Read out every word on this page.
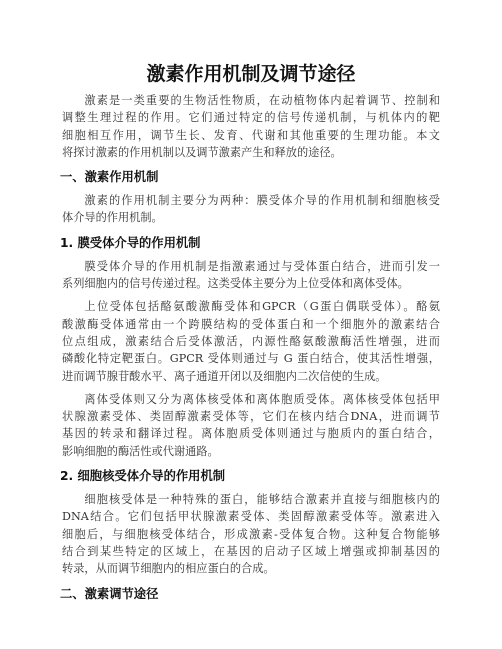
激素作用机制及调节途径
激素是一类重要的生物活性物质，在动植物体内起着调节、控制和
调整生理过程的作用。它们通过特定的信号传递机制，与机体内的靶
细胞相互作用，调节生长、发育、代谢和其他重要的生理功能。本文
将探讨激素的作用机制以及调节激素产生和释放的途径。
一、激素作用机制
激素的作用机制主要分为两种：膜受体介导的作用机制和细胞核受
体介导的作用机制。
1. 膜受体介导的作用机制
膜受体介导的作用机制是指激素通过与受体蛋白结合，进而引发一
系列细胞内的信号传递过程。这类受体主要分为上位受体和离体受体。
上位受体包括酪氨酸激酶受体和GPCR（G蛋白偶联受体）。酪氨
酸激酶受体通常由一个跨膜结构的受体蛋白和一个细胞外的激素结合
位点组成，激素结合后受体激活，内源性酪氨酸激酶活性增强，进而
磷酸化特定靶蛋白。GPCR 受体则通过与 G 蛋白结合，使其活性增强，
进而调节腺苷酸水平、离子通道开闭以及细胞内二次信使的生成。
离体受体则又分为离体核受体和离体胞质受体。离体核受体包括甲
状腺激素受体、类固醇激素受体等，它们在核内结合DNA，进而调节
基因的转录和翻译过程。离体胞质受体则通过与胞质内的蛋白结合，
影响细胞的酶活性或代谢通路。
2. 细胞核受体介导的作用机制
细胞核受体是一种特殊的蛋白，能够结合激素并直接与细胞核内的
DNA结合。它们包括甲状腺激素受体、类固醇激素受体等。激素进入
细胞后，与细胞核受体结合，形成激素-受体复合物。这种复合物能够
结合到某些特定的区域上，在基因的启动子区域上增强或抑制基因的
转录，从而调节细胞内的相应蛋白的合成。
二、激素调节途径
